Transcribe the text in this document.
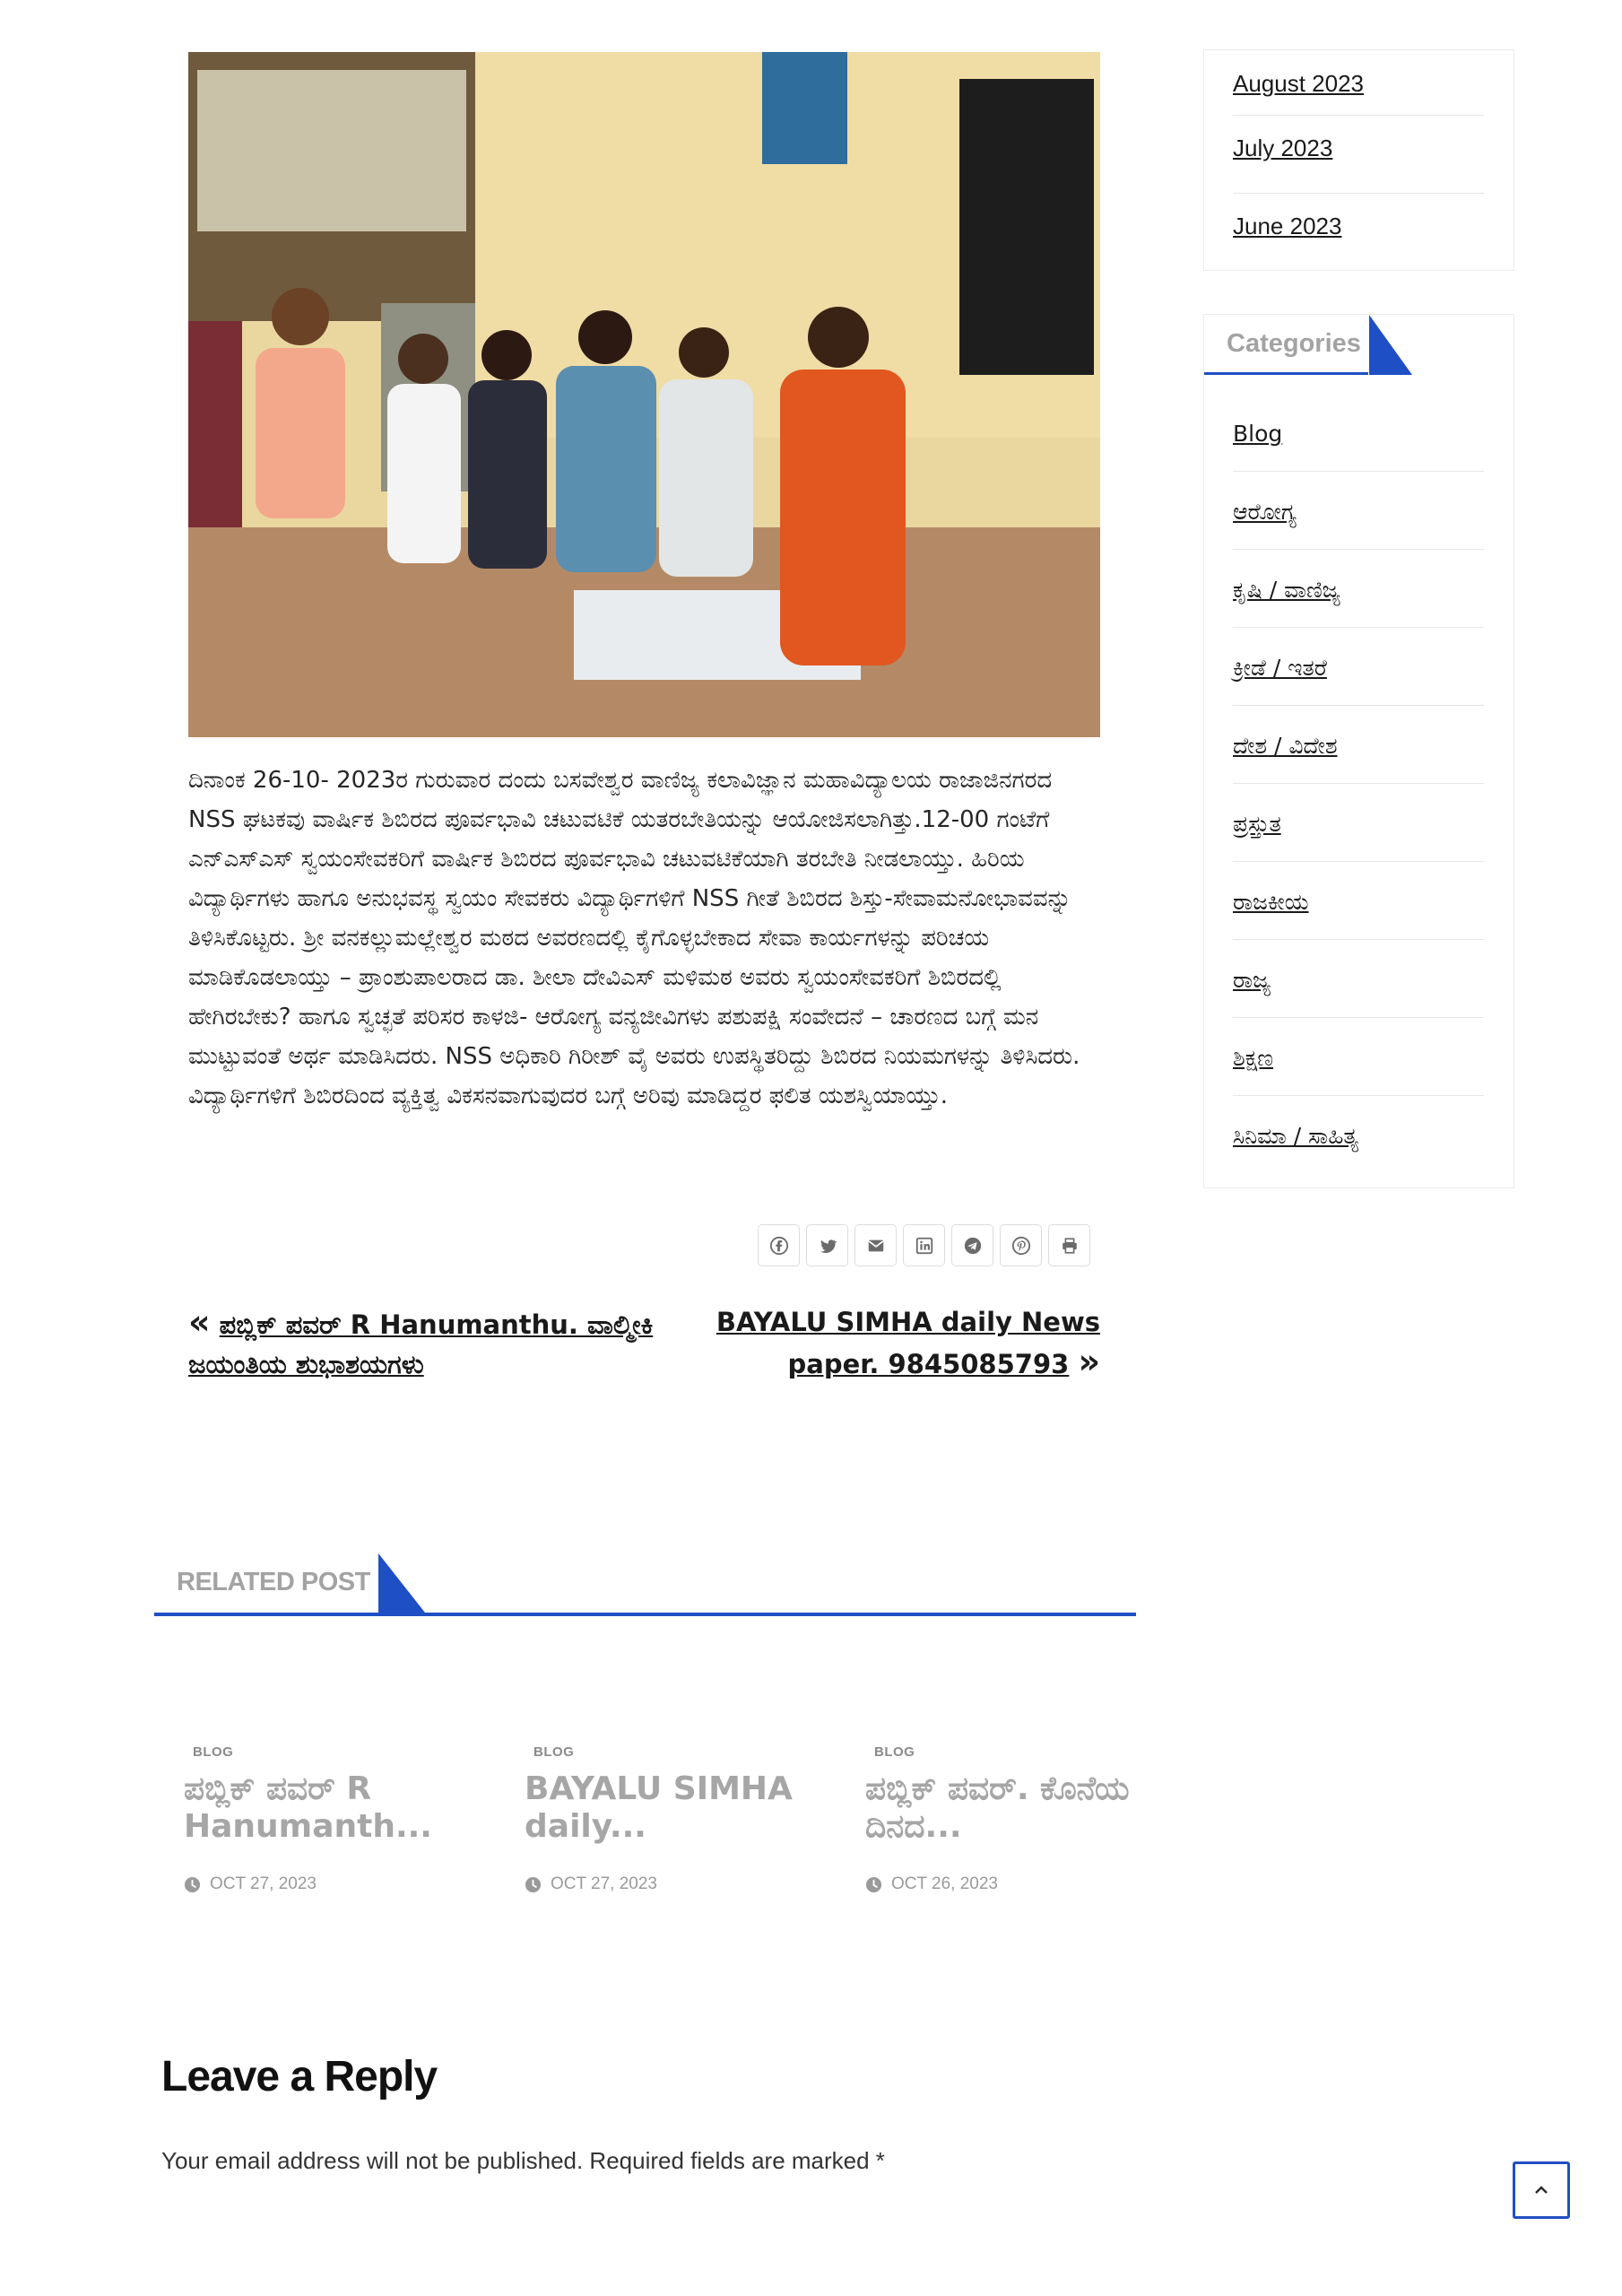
ದಿನಾಂಕ 26-10- 2023ರ ಗುರುವಾರ ದಂದು ಬಸವೇಶ್ವರ ವಾಣಿಜ್ಯ ಕಲಾವಿಜ್ಞಾನ ಮಹಾವಿದ್ಯಾಲಯ ರಾಜಾಜಿನಗರದ NSS ಘಟಕವು ವಾರ್ಷಿಕ ಶಿಬಿರದ ಪೂರ್ವಭಾವಿ ಚಟುವಟಿಕೆ ಯತರಬೇತಿಯನ್ನು ಆಯೋಜಿಸಲಾಗಿತ್ತು.12-00 ಗಂಟೆಗೆ ಎನ್ಎಸ್ಎಸ್ ಸ್ವಯಂಸೇವಕರಿಗೆ ವಾರ್ಷಿಕ ಶಿಬಿರದ ಪೂರ್ವಭಾವಿ ಚಟುವಟಿಕೆಯಾಗಿ ತರಬೇತಿ ನೀಡಲಾಯ್ತು. ಹಿರಿಯ ವಿದ್ಯಾರ್ಥಿಗಳು ಹಾಗೂ ಅನುಭವಸ್ಥ ಸ್ವಯಂ ಸೇವಕರು ವಿದ್ಯಾರ್ಥಿಗಳಿಗೆ NSS ಗೀತೆ ಶಿಬಿರದ ಶಿಸ್ತು-ಸೇವಾಮನೋಭಾವವನ್ನು ತಿಳಿಸಿಕೊಟ್ಟರು. ಶ್ರೀ ವನಕಲ್ಲುಮಲ್ಲೇಶ್ವರ ಮಠದ ಅವರಣದಲ್ಲಿ ಕೈಗೊಳ್ಳಬೇಕಾದ ಸೇವಾ ಕಾರ್ಯಗಳನ್ನು ಪರಿಚಯ ಮಾಡಿಕೊಡಲಾಯ್ತು – ಪ್ರಾಂಶುಪಾಲರಾದ ಡಾ. ಶೀಲಾ ದೇವಿಎಸ್ ಮಳಿಮಠ ಅವರು ಸ್ವಯಂಸೇವಕರಿಗೆ ಶಿಬಿರದಲ್ಲಿ ಹೇಗಿರಬೇಕು? ಹಾಗೂ ಸ್ವಚ್ಛತೆ ಪರಿಸರ ಕಾಳಜಿ- ಆರೋಗ್ಯ ವನ್ಯಜೀವಿಗಳು ಪಶುಪಕ್ಷಿ ಸಂವೇದನೆ – ಚಾರಣದ ಬಗ್ಗೆ ಮನ ಮುಟ್ಟುವಂತೆ ಅರ್ಥ ಮಾಡಿಸಿದರು. NSS ಅಧಿಕಾರಿ ಗಿರೀಶ್ ವೈ ಅವರು ಉಪಸ್ಥಿತರಿದ್ದು ಶಿಬಿರದ ನಿಯಮಗಳನ್ನು ತಿಳಿಸಿದರು. ವಿದ್ಯಾರ್ಥಿಗಳಿಗೆ ಶಿಬಿರದಿಂದ ವ್ಯಕ್ತಿತ್ವ ವಿಕಸನವಾಗುವುದರ ಬಗ್ಗೆ ಅರಿವು ಮಾಡಿದ್ದರ ಫಲಿತ ಯಶಸ್ವಿಯಾಯ್ತು.

« ಪಬ್ಲಿಕ್ ಪವರ್ R Hanumanthu. ವಾಲ್ಮೀಕಿ ಜಯಂತಿಯ ಶುಭಾಶಯಗಳು
BAYALU SIMHA daily News paper. 9845085793 »
RELATED POST
BLOG
ಪಬ್ಲಿಕ್ ಪವರ್ R Hanumanth...
OCT 27, 2023
BLOG
BAYALU SIMHA daily...
OCT 27, 2023
BLOG
ಪಬ್ಲಿಕ್ ಪವರ್. ಕೊನೆಯ ದಿನದ...
OCT 26, 2023
Leave a Reply

Your email address will not be published. Required fields are marked *

August 2023
July 2023
June 2023
Categories
Blog
ಆರೋಗ್ಯ
ಕೃಷಿ / ವಾಣಿಜ್ಯ
ಕ್ರೀಡೆ / ಇತರೆ
ದೇಶ / ವಿದೇಶ
ಪ್ರಸ್ತುತ
ರಾಜಕೀಯ
ರಾಜ್ಯ
ಶಿಕ್ಷಣ
ಸಿನಿಮಾ / ಸಾಹಿತ್ಯ
